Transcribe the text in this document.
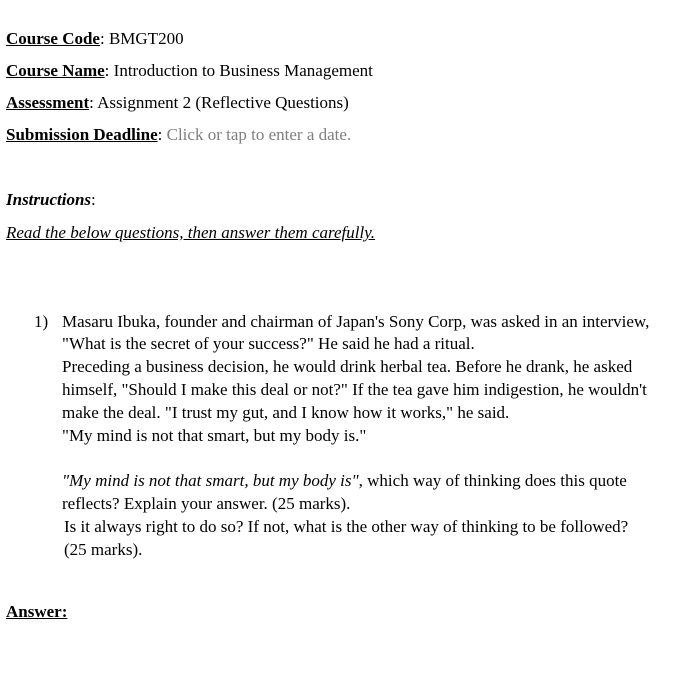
Course Code: BMGT200
Course Name: Introduction to Business Management
Assessment: Assignment 2 (Reflective Questions)
Submission Deadline: Click or tap to enter a date.
Instructions:
Read the below questions, then answer them carefully.
1) Masaru Ibuka, founder and chairman of Japan's Sony Corp, was asked in an interview,
"What is the secret of your success?" He said he had a ritual.
Preceding a business decision, he would drink herbal tea. Before he drank, he asked
himself, "Should I make this deal or not?" If the tea gave him indigestion, he wouldn't
make the deal. "I trust my gut, and I know how it works," he said.
"My mind is not that smart, but my body is."
"My mind is not that smart, but my body is", which way of thinking does this quote
reflects? Explain your answer. (25 marks).
Is it always right to do so? If not, what is the other way of thinking to be followed?
(25 marks).
Answer:
